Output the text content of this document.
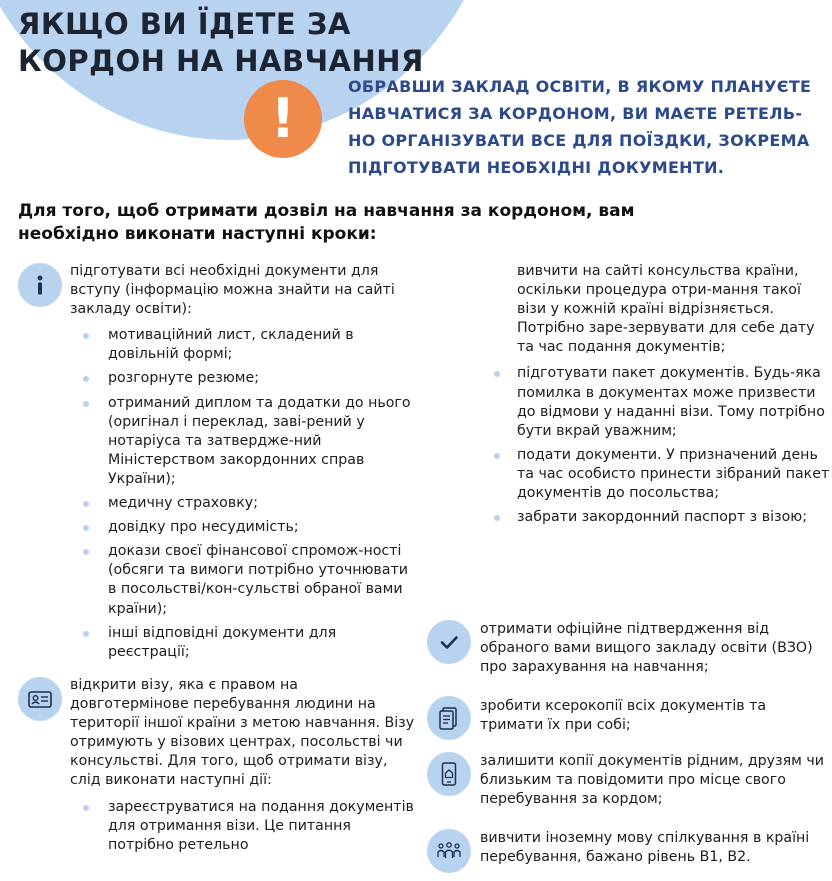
ЯКЩО ВИ ЇДЕТЕ ЗА КОРДОН НА НАВЧАННЯ
!
ОБРАВШИ ЗАКЛАД ОСВІТИ, В ЯКОМУ ПЛАНУЄТЕ НАВЧАТИСЯ ЗА КОРДОНОМ, ВИ МАЄТЕ РЕТЕЛЬ-НО ОРГАНІЗУВАТИ ВСЕ ДЛЯ ПОЇЗДКИ, ЗОКРЕМА ПІДГОТУВАТИ НЕОБХІДНІ ДОКУМЕНТИ.
Для того, щоб отримати дозвіл на навчання за кордоном, вам необхідно виконати наступні кроки:
підготувати всі необхідні документи для вступу (інформацію можна знайти на сайті закладу освіти):
мотиваційний лист, складений в довільній формі;
розгорнуте резюме;
отриманий диплом та додатки до нього (оригінал і переклад, заві-рений у нотаріуса та затвердже-ний Міністерством закордонних справ України);
медичну страховку;
довідку про несудимість;
докази своєї фінансової спромож-ності (обсяги та вимоги потрібно уточнювати в посольстві/кон-сульстві обраної вами країни);
інші відповідні документи для реєстрації;
відкрити візу, яка є правом на довготермінове перебування людини на території іншої країни з метою навчання. Візу отримують у візових центрах, посольстві чи консульстві. Для того, щоб отримати візу, слід виконати наступні дії:
зареєструватися на подання документів для отримання візи. Це питання потрібно ретельно
вивчити на сайті консульства країни, оскільки процедура отри-мання такої візи у кожній країні відрізняється. Потрібно заре-зервувати для себе дату та час подання документів;
підготувати пакет документів. Будь-яка помилка в документах може призвести до відмови у наданні візи. Тому потрібно бути вкрай уважним;
подати документи. У призначений день та час особисто принести зібраний пакет документів до посольства;
забрати закордонний паспорт з візою;
отримати офіційне підтвердження від обраного вами вищого закладу освіти (ВЗО) про зарахування на навчання;
зробити ксерокопії всіх документів та тримати їх при собі;
залишити копії документів рідним, друзям чи близьким та повідомити про місце свого перебування за кордом;
вивчити іноземну мову спілкування в країні перебування, бажано рівень В1, В2.
